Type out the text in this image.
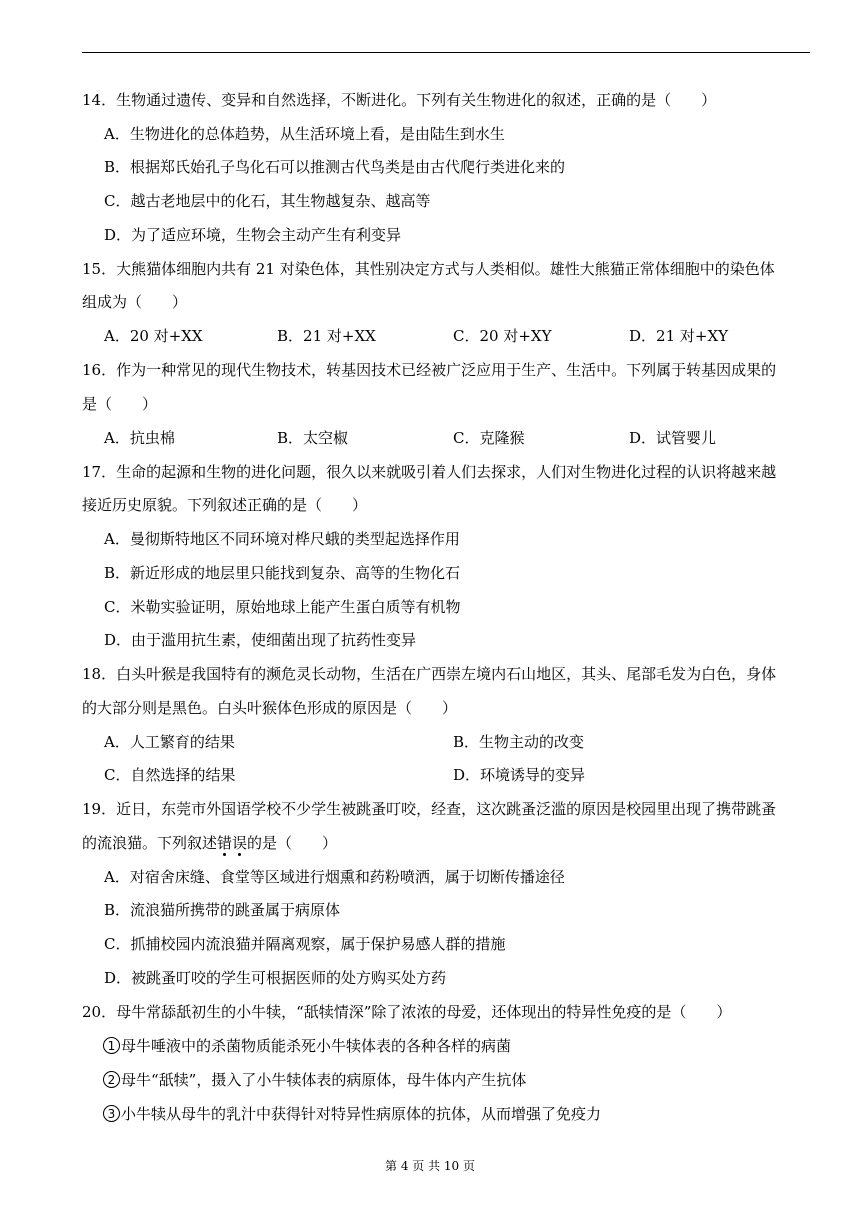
14．生物通过遗传、变异和自然选择，不断进化。下列有关生物进化的叙述，正确的是（　　）
A．生物进化的总体趋势，从生活环境上看，是由陆生到水生
B．根据郑氏始孔子鸟化石可以推测古代鸟类是由古代爬行类进化来的
C．越古老地层中的化石，其生物越复杂、越高等
D．为了适应环境，生物会主动产生有利变异
15．大熊猫体细胞内共有 21 对染色体，其性别决定方式与人类相似。雄性大熊猫正常体细胞中的染色体
组成为（　　）
A．20 对+XX	B．21 对+XX	C．20 对+XY	D．21 对+XY
16．作为一种常见的现代生物技术，转基因技术已经被广泛应用于生产、生活中。下列属于转基因成果的
是（　　）
A．抗虫棉	B．太空椒	C．克隆猴	D．试管婴儿
17．生命的起源和生物的进化问题，很久以来就吸引着人们去探求，人们对生物进化过程的认识将越来越
接近历史原貌。下列叙述正确的是（　　）
A．曼彻斯特地区不同环境对桦尺蛾的类型起选择作用
B．新近形成的地层里只能找到复杂、高等的生物化石
C．米勒实验证明，原始地球上能产生蛋白质等有机物
D．由于滥用抗生素，使细菌出现了抗药性变异
18．白头叶猴是我国特有的濒危灵长动物，生活在广西崇左境内石山地区，其头、尾部毛发为白色，身体
的大部分则是黑色。白头叶猴体色形成的原因是（　　）
A．人工繁育的结果	B．生物主动的改变
C．自然选择的结果	D．环境诱导的变异
19．近日，东莞市外国语学校不少学生被跳蚤叮咬，经查，这次跳蚤泛滥的原因是校园里出现了携带跳蚤
的流浪猫。下列叙述错误的是（　　）
A．对宿舍床缝、食堂等区域进行烟熏和药粉喷洒，属于切断传播途径
B．流浪猫所携带的跳蚤属于病原体
C．抓捕校园内流浪猫并隔离观察，属于保护易感人群的措施
D．被跳蚤叮咬的学生可根据医师的处方购买处方药
20．母牛常舔舐初生的小牛犊，“舐犊情深”除了浓浓的母爱，还体现出的特异性免疫的是（　　）
1 母牛唾液中的杀菌物质能杀死小牛犊体表的各种各样的病菌
2 母牛“舐犊”，摄入了小牛犊体表的病原体，母牛体内产生抗体
3 小牛犊从母牛的乳汁中获得针对特异性病原体的抗体，从而增强了免疫力
第 4 页 共 10 页
